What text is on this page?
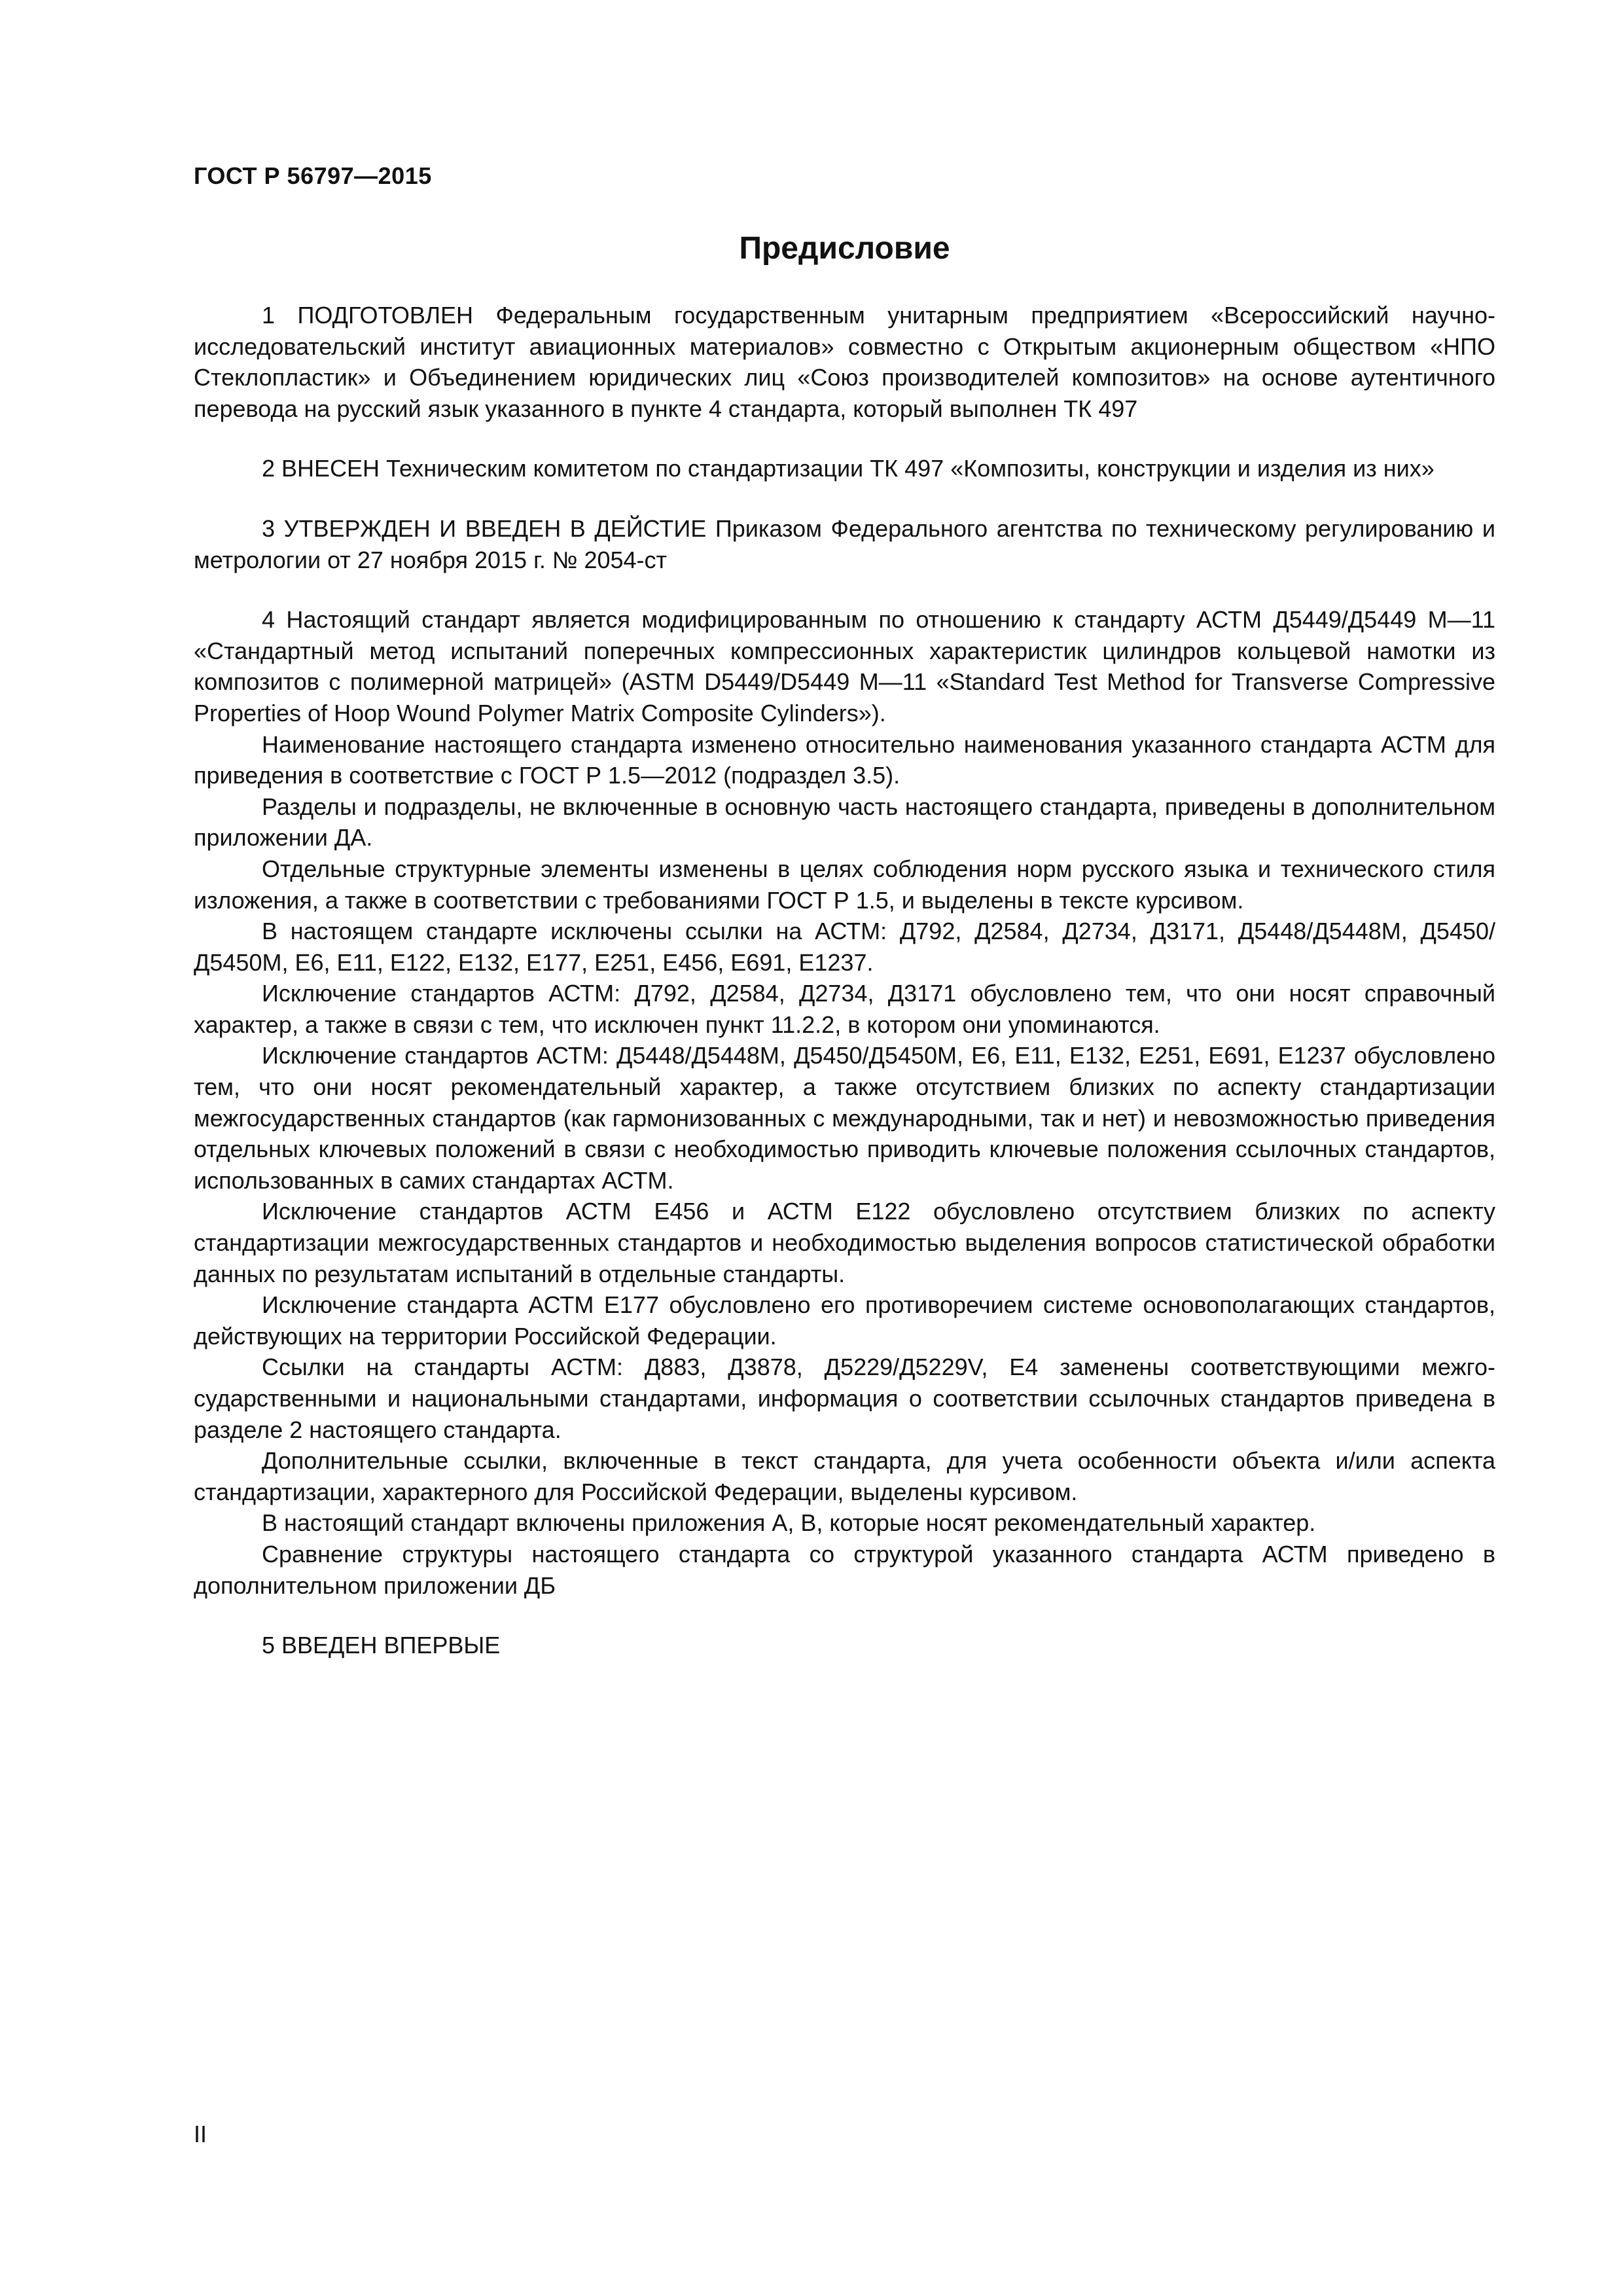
ГОСТ Р 56797—2015
Предисловие

1 ПОДГОТОВЛЕН Федеральным государственным унитарным предприятием «Всероссийский научно-исследовательский институт авиационных материалов» совместно с Открытым акционерным обществом «НПО Стеклопластик» и Объединением юридических лиц «Союз производителей композитов» на основе аутентичного перевода на русский язык указанного в пункте 4 стандарта, который выполнен ТК 497

2 ВНЕСЕН Техническим комитетом по стандартизации ТК 497 «Композиты, конструкции и изделия из них»

3 УТВЕРЖДЕН И ВВЕДЕН В ДЕЙСТИЕ Приказом Федерального агентства по техническому регулированию и метрологии от 27 ноября 2015 г. № 2054-ст

4 Настоящий стандарт является модифицированным по отношению к стандарту АСТМ Д5449/Д5449 М—11 «Стандартный метод испытаний поперечных компрессионных характеристик цилиндров кольцевой намотки из композитов с полимерной матрицей» (ASTM D5449/D5449 М—11 «Standard Test Method for Transverse Compressive Properties of Hoop Wound Polymer Matrix Composite Cylinders»).

Наименование настоящего стандарта изменено относительно наименования указанного стандарта АСТМ для приведения в соответствие с ГОСТ Р 1.5—2012 (подраздел 3.5).

Разделы и подразделы, не включенные в основную часть настоящего стандарта, приведены в дополнительном приложении ДА.

Отдельные структурные элементы изменены в целях соблюдения норм русского языка и технического стиля изложения, а также в соответствии с требованиями ГОСТ Р 1.5, и выделены в тексте курсивом.

В настоящем стандарте исключены ссылки на АСТМ: Д792, Д2584, Д2734, Д3171, Д5448/Д5448М, Д5450/Д5450М, Е6, Е11, Е122, Е132, Е177, Е251, Е456, Е691, Е1237.

Исключение стандартов АСТМ: Д792, Д2584, Д2734, Д3171 обусловлено тем, что они носят справочный характер, а также в связи с тем, что исключен пункт 11.2.2, в котором они упоминаются.

Исключение стандартов АСТМ: Д5448/Д5448М, Д5450/Д5450М, Е6, Е11, Е132, Е251, Е691, Е1237 обусловлено тем, что они носят рекомендательный характер, а также отсутствием близких по аспекту стандартизации межгосударственных стандартов (как гармонизованных с международными, так и нет) и невозможностью приведения отдельных ключевых положений в связи с необходимостью приводить ключевые положения ссылочных стандартов, использованных в самих стандартах АСТМ.

Исключение стандартов АСТМ Е456 и АСТМ Е122 обусловлено отсутствием близких по аспекту стандартизации межгосударственных стандартов и необходимостью выделения вопросов статистической обработки данных по результатам испытаний в отдельные стандарты.

Исключение стандарта АСТМ Е177 обусловлено его противоречием системе основополагающих стандартов, действующих на территории Российской Федерации.

Ссылки на стандарты АСТМ: Д883, Д3878, Д5229/Д5229V, Е4 заменены соответствующими межгосударственными и национальными стандартами, информация о соответствии ссылочных стандартов приведена в разделе 2 настоящего стандарта.

Дополнительные ссылки, включенные в текст стандарта, для учета особенности объекта и/или аспекта стандартизации, характерного для Российской Федерации, выделены курсивом.

В настоящий стандарт включены приложения А, В, которые носят рекомендательный характер.

Сравнение структуры настоящего стандарта со структурой указанного стандарта АСТМ приведено в дополнительном приложении ДБ

5 ВВЕДЕН ВПЕРВЫЕ

II
